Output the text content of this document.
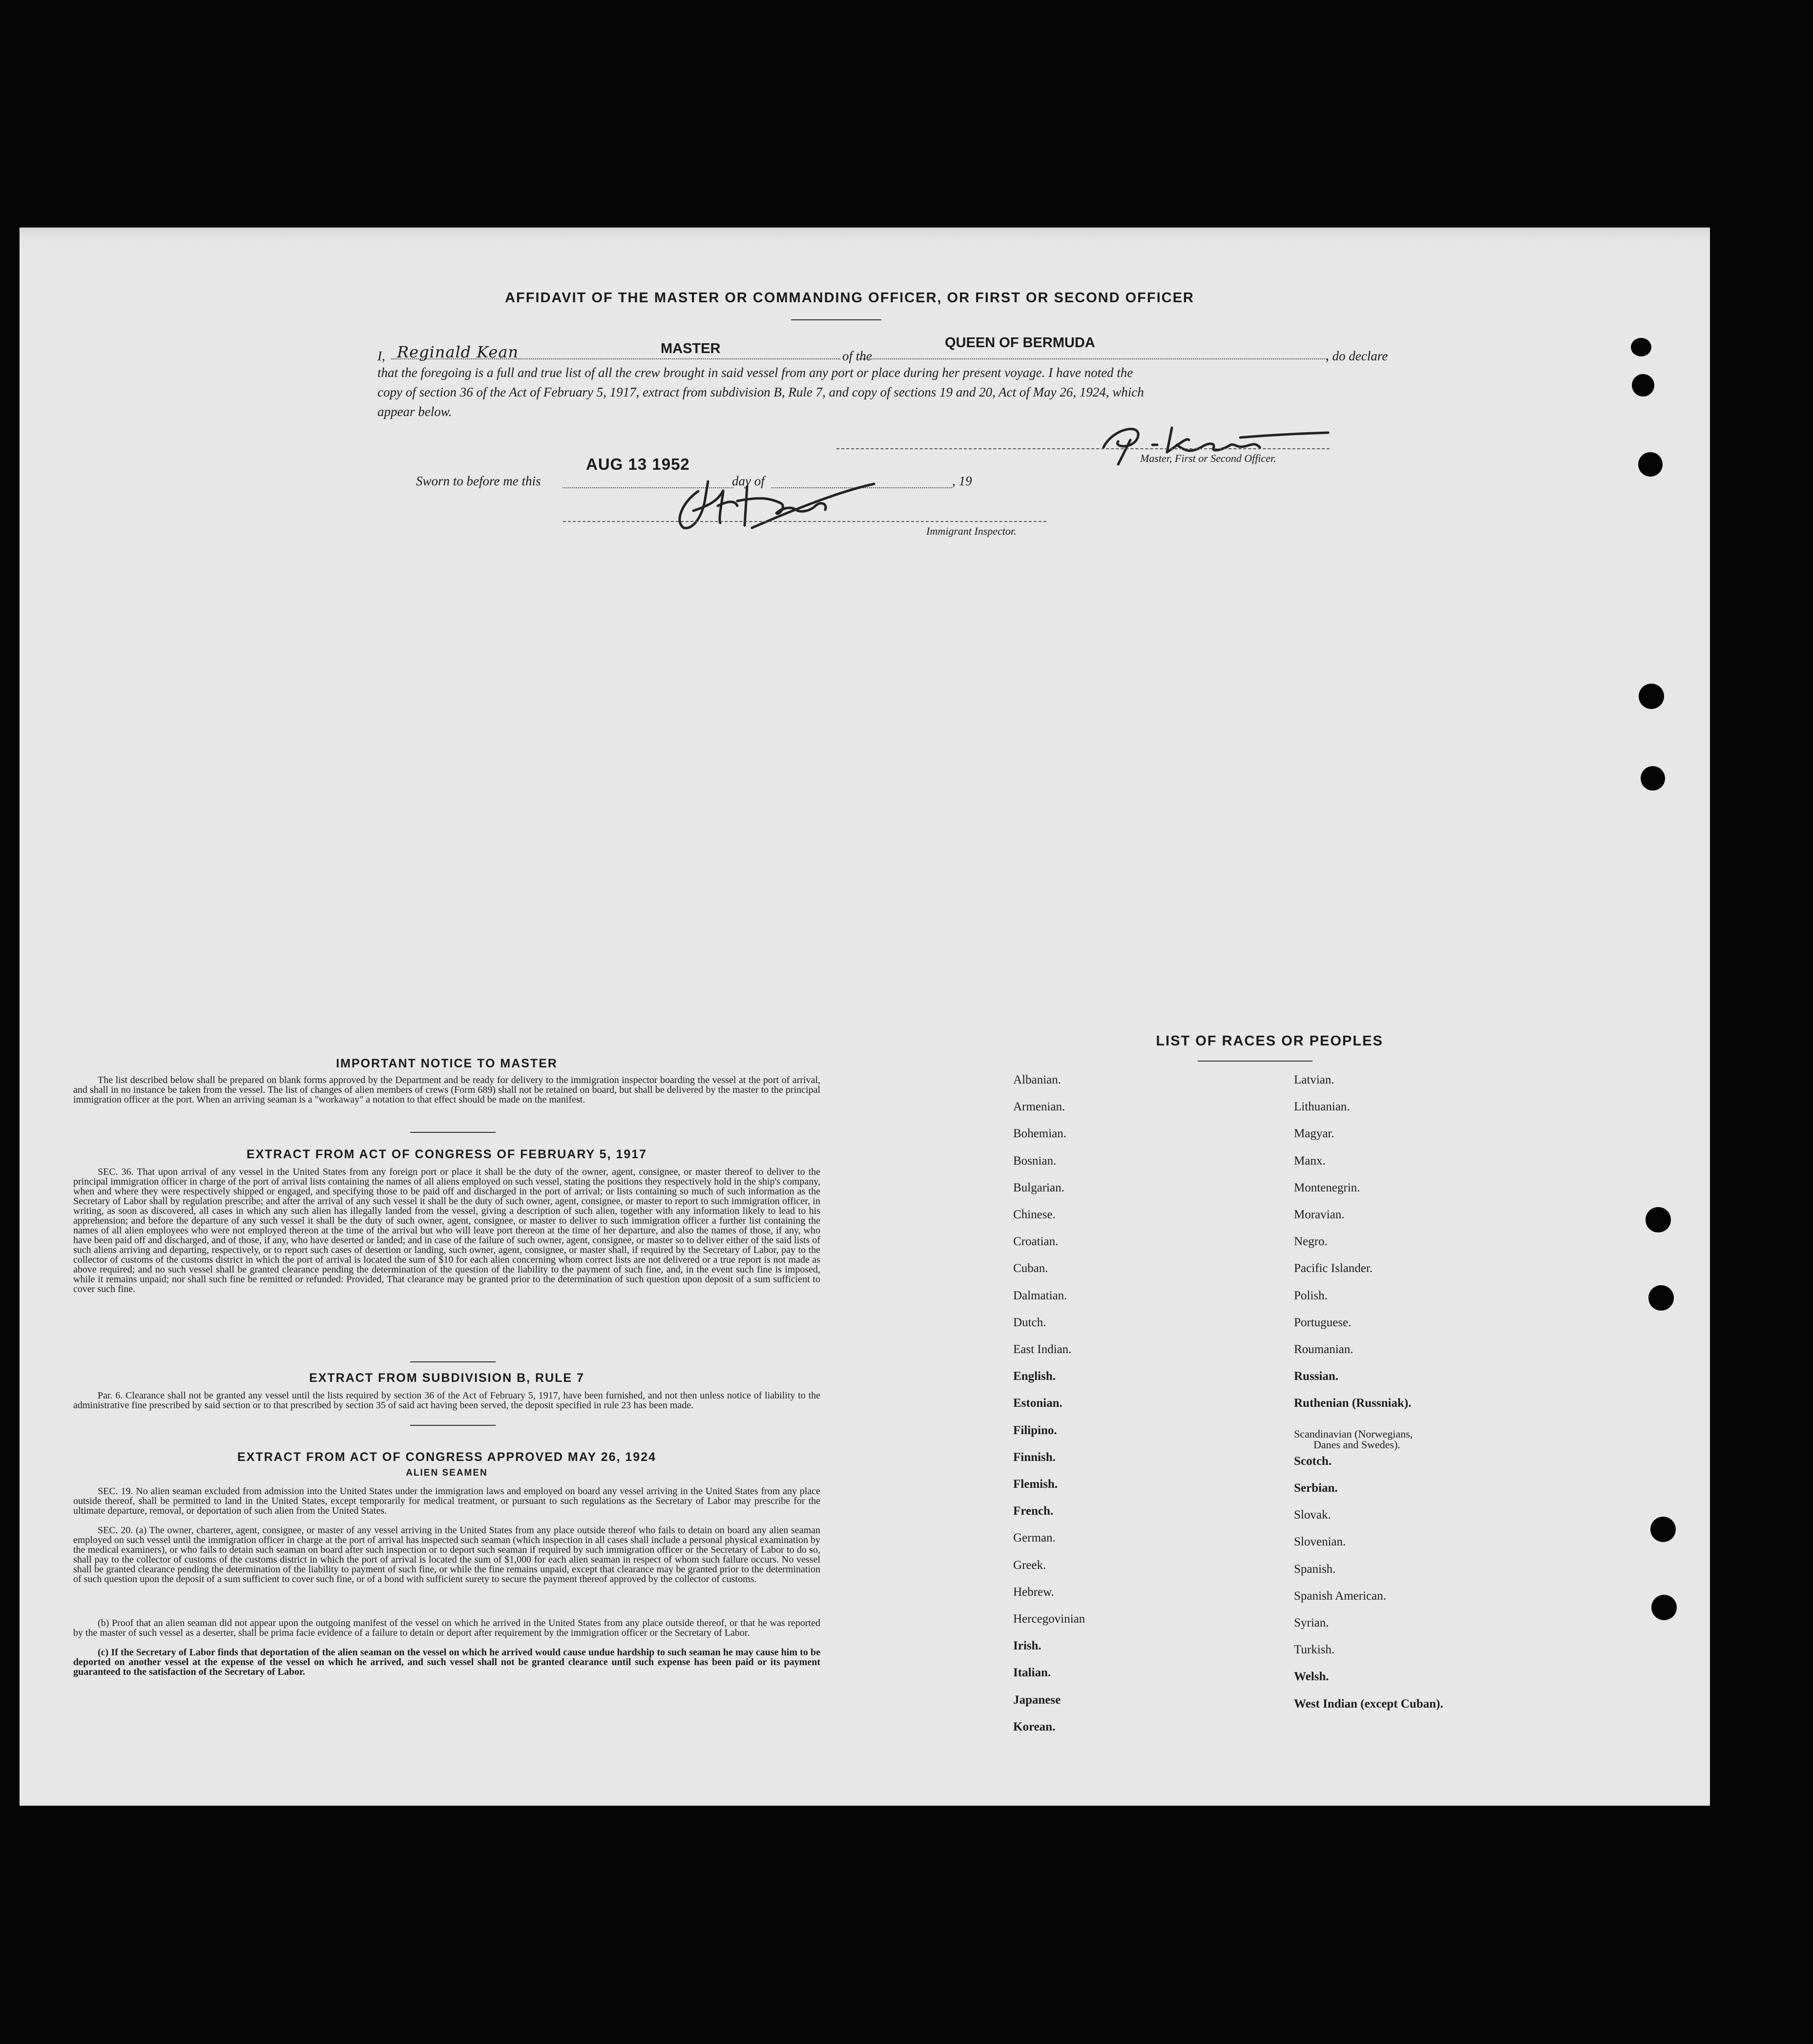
AFFIDAVIT OF THE MASTER OR COMMANDING OFFICER, OR FIRST OR SECOND OFFICER
I, Reginald Kean	MASTER	of the
QUEEN OF BERMUDA
, do declare
that the foregoing is a full and true list of all the crew brought in said vessel from any port or place during her present voyage. I have noted the
copy of section 36 of the Act of February 5, 1917, extract from subdivision B, Rule 7, and copy of sections 19 and 20, Act of May 26, 1924, which
appear below.
Master, First or Second Officer.
Sworn to before me this
AUG 13 1952
day of	, 19
Immigrant Inspector.
IMPORTANT NOTICE TO MASTER
The list described below shall be prepared on blank forms approved by the Department and be ready for delivery to the immigration inspector boarding the vessel at the port of arrival, and shall in no instance be taken from the vessel. The list of changes of alien members of crews (Form 689) shall not be retained on board, but shall be delivered by the master to the principal immigration officer at the port. When an arriving seaman is a "workaway" a notation to that effect should be made on the manifest.
EXTRACT FROM ACT OF CONGRESS OF FEBRUARY 5, 1917
SEC. 36. That upon arrival of any vessel in the United States from any foreign port or place it shall be the duty of the owner, agent, consignee, or master thereof to deliver to the principal immigration officer in charge of the port of arrival lists containing the names of all aliens employed on such vessel, stating the positions they respectively hold in the ship's company, when and where they were respectively shipped or engaged, and specifying those to be paid off and discharged in the port of arrival; or lists containing so much of such information as the Secretary of Labor shall by regulation prescribe; and after the arrival of any such vessel it shall be the duty of such owner, agent, consignee, or master to report to such immigration officer, in writing, as soon as discovered, all cases in which any such alien has illegally landed from the vessel, giving a description of such alien, together with any information likely to lead to his apprehension; and before the departure of any such vessel it shall be the duty of such owner, agent, consignee, or master to deliver to such immigration officer a further list containing the names of all alien employees who were not employed thereon at the time of the arrival but who will leave port thereon at the time of her departure, and also the names of those, if any, who have been paid off and discharged, and of those, if any, who have deserted or landed; and in case of the failure of such owner, agent, consignee, or master so to deliver either of the said lists of such aliens arriving and departing, respectively, or to report such cases of desertion or landing, such owner, agent, consignee, or master shall, if required by the Secretary of Labor, pay to the collector of customs of the customs district in which the port of arrival is located the sum of $10 for each alien concerning whom correct lists are not delivered or a true report is not made as above required; and no such vessel shall be granted clearance pending the determination of the question of the liability to the payment of such fine, and, in the event such fine is imposed, while it remains unpaid; nor shall such fine be remitted or refunded: Provided, That clearance may be granted prior to the determination of such question upon deposit of a sum sufficient to cover such fine.
EXTRACT FROM SUBDIVISION B, RULE 7
Par. 6. Clearance shall not be granted any vessel until the lists required by section 36 of the Act of February 5, 1917, have been furnished, and not then unless notice of liability to the administrative fine prescribed by said section or to that prescribed by section 35 of said act having been served, the deposit specified in rule 23 has been made.
EXTRACT FROM ACT OF CONGRESS APPROVED MAY 26, 1924
ALIEN SEAMEN
SEC. 19. No alien seaman excluded from admission into the United States under the immigration laws and employed on board any vessel arriving in the United States from any place outside thereof, shall be permitted to land in the United States, except temporarily for medical treatment, or pursuant to such regulations as the Secretary of Labor may prescribe for the ultimate departure, removal, or deportation of such alien from the United States.
SEC. 20. (a) The owner, charterer, agent, consignee, or master of any vessel arriving in the United States from any place outside thereof who fails to detain on board any alien seaman employed on such vessel until the immigration officer in charge at the port of arrival has inspected such seaman (which inspection in all cases shall include a personal physical examination by the medical examiners), or who fails to detain such seaman on board after such inspection or to deport such seaman if required by such immigration officer or the Secretary of Labor to do so, shall pay to the collector of customs of the customs district in which the port of arrival is located the sum of $1,000 for each alien seaman in respect of whom such failure occurs. No vessel shall be granted clearance pending the determination of the liability to payment of such fine, or while the fine remains unpaid, except that clearance may be granted prior to the determination of such question upon the deposit of a sum sufficient to cover such fine, or of a bond with sufficient surety to secure the payment thereof approved by the collector of customs.
(b) Proof that an alien seaman did not appear upon the outgoing manifest of the vessel on which he arrived in the United States from any place outside thereof, or that he was reported by the master of such vessel as a deserter, shall be prima facie evidence of a failure to detain or deport after requirement by the immigration officer or the Secretary of Labor.
(c) If the Secretary of Labor finds that deportation of the alien seaman on the vessel on which he arrived would cause undue hardship to such seaman he may cause him to be deported on another vessel at the expense of the vessel on which he arrived, and such vessel shall not be granted clearance until such expense has been paid or its payment guaranteed to the satisfaction of the Secretary of Labor.
LIST OF RACES OR PEOPLES
Albanian.
Armenian.
Bohemian.
Bosnian.
Bulgarian.
Chinese.
Croatian.
Cuban.
Dalmatian.
Dutch.
East Indian.
English.
Estonian.
Filipino.
Finnish.
Flemish.
French.
German.
Greek.
Hebrew.
Hercegovinian
Irish.
Italian.
Japanese
Korean.
Latvian.
Lithuanian.
Magyar.
Manx.
Montenegrin.
Moravian.
Negro.
Pacific Islander.
Polish.
Portuguese.
Roumanian.
Russian.
Ruthenian (Russniak).
Scandinavian (Norwegians,
Danes and Swedes).
Scotch.
Serbian.
Slovak.
Slovenian.
Spanish.
Spanish American.
Syrian.
Turkish.
Welsh.
West Indian (except Cuban).
